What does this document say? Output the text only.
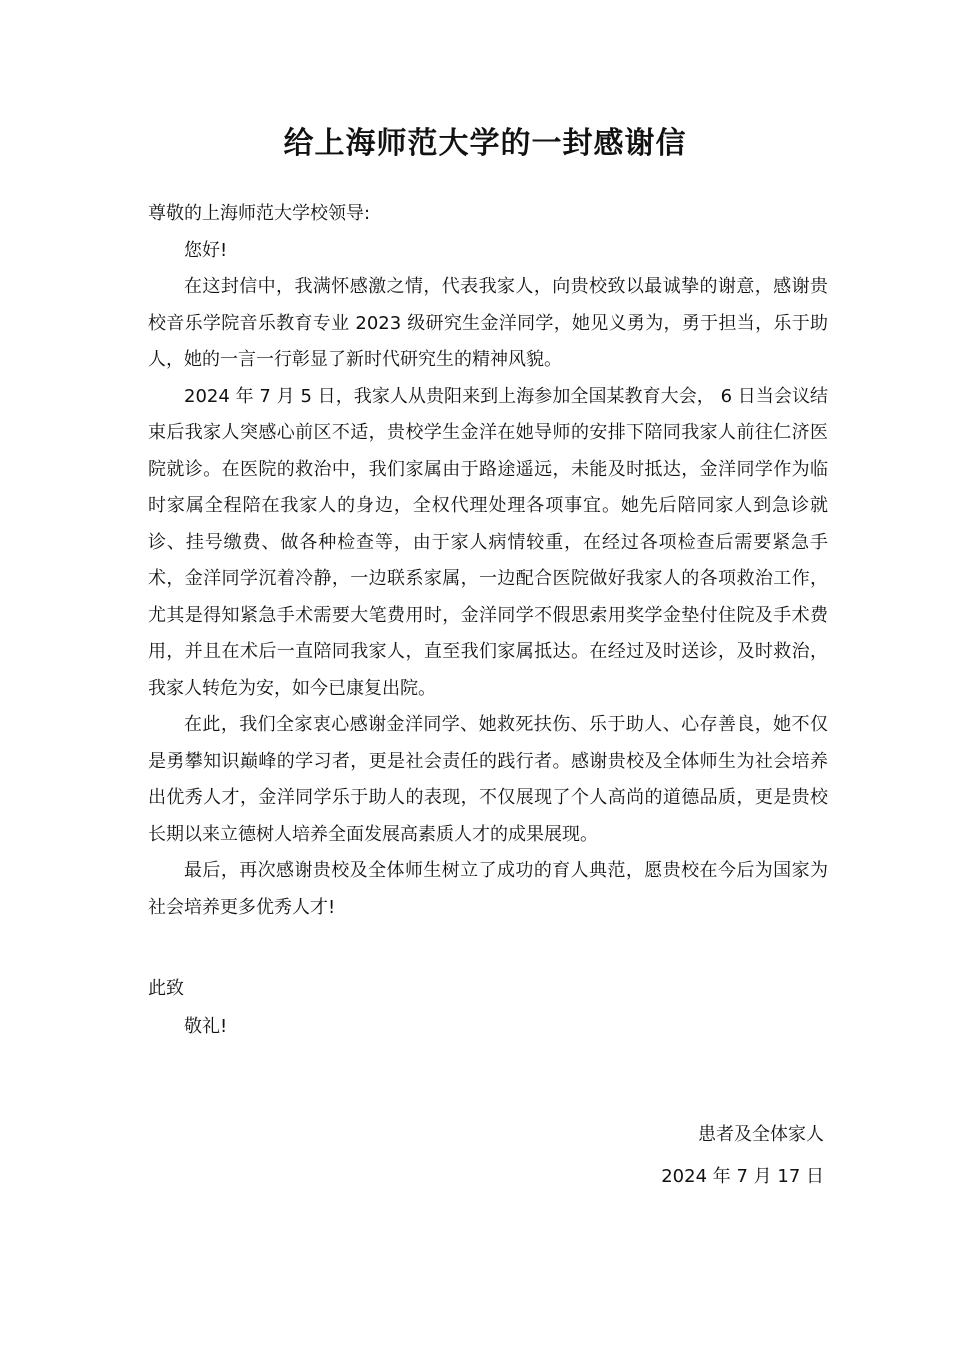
给上海师范大学的一封感谢信

尊敬的上海师范大学校领导:

您好!

在这封信中，我满怀感激之情，代表我家人，向贵校致以最诚挚的谢意，感谢贵校音乐学院音乐教育专业 2023 级研究生金洋同学，她见义勇为，勇于担当，乐于助人，她的一言一行彰显了新时代研究生的精神风貌。

2024 年 7 月 5 日，我家人从贵阳来到上海参加全国某教育大会， 6 日当会议结束后我家人突感心前区不适，贵校学生金洋在她导师的安排下陪同我家人前往仁济医院就诊。在医院的救治中，我们家属由于路途遥远，未能及时抵达，金洋同学作为临时家属全程陪在我家人的身边，全权代理处理各项事宜。她先后陪同家人到急诊就诊、挂号缴费、做各种检查等，由于家人病情较重，在经过各项检查后需要紧急手术，金洋同学沉着冷静，一边联系家属，一边配合医院做好我家人的各项救治工作，尤其是得知紧急手术需要大笔费用时，金洋同学不假思索用奖学金垫付住院及手术费用，并且在术后一直陪同我家人，直至我们家属抵达。在经过及时送诊，及时救治，我家人转危为安，如今已康复出院。

在此，我们全家衷心感谢金洋同学、她救死扶伤、乐于助人、心存善良，她不仅是勇攀知识巅峰的学习者，更是社会责任的践行者。感谢贵校及全体师生为社会培养出优秀人才，金洋同学乐于助人的表现，不仅展现了个人高尚的道德品质，更是贵校长期以来立德树人培养全面发展高素质人才的成果展现。

最后，再次感谢贵校及全体师生树立了成功的育人典范，愿贵校在今后为国家为社会培养更多优秀人才!

此致

敬礼!

患者及全体家人

2024 年 7 月 17 日
